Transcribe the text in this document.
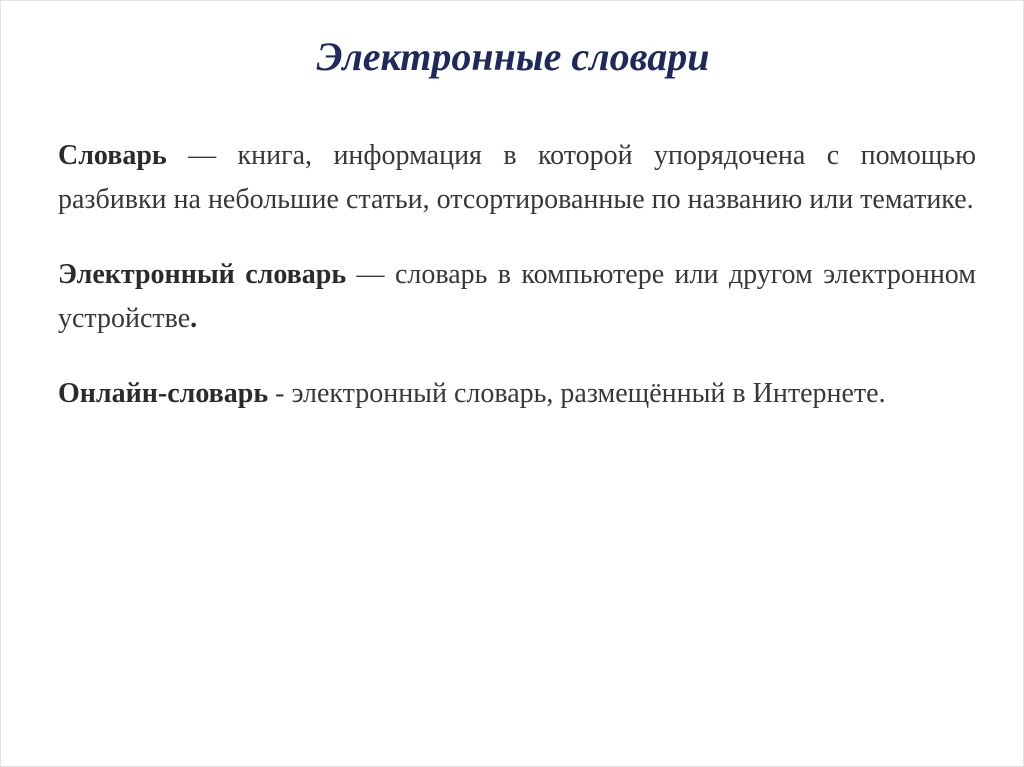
Электронные словари

Словарь — книга, информация в которой упорядочена с помощью разбивки на небольшие статьи, отсортированные по названию или тематике.

Электронный словарь — словарь в компьютере или другом электронном устройстве.

Онлайн-словарь - электронный словарь, размещённый в Интернете.
